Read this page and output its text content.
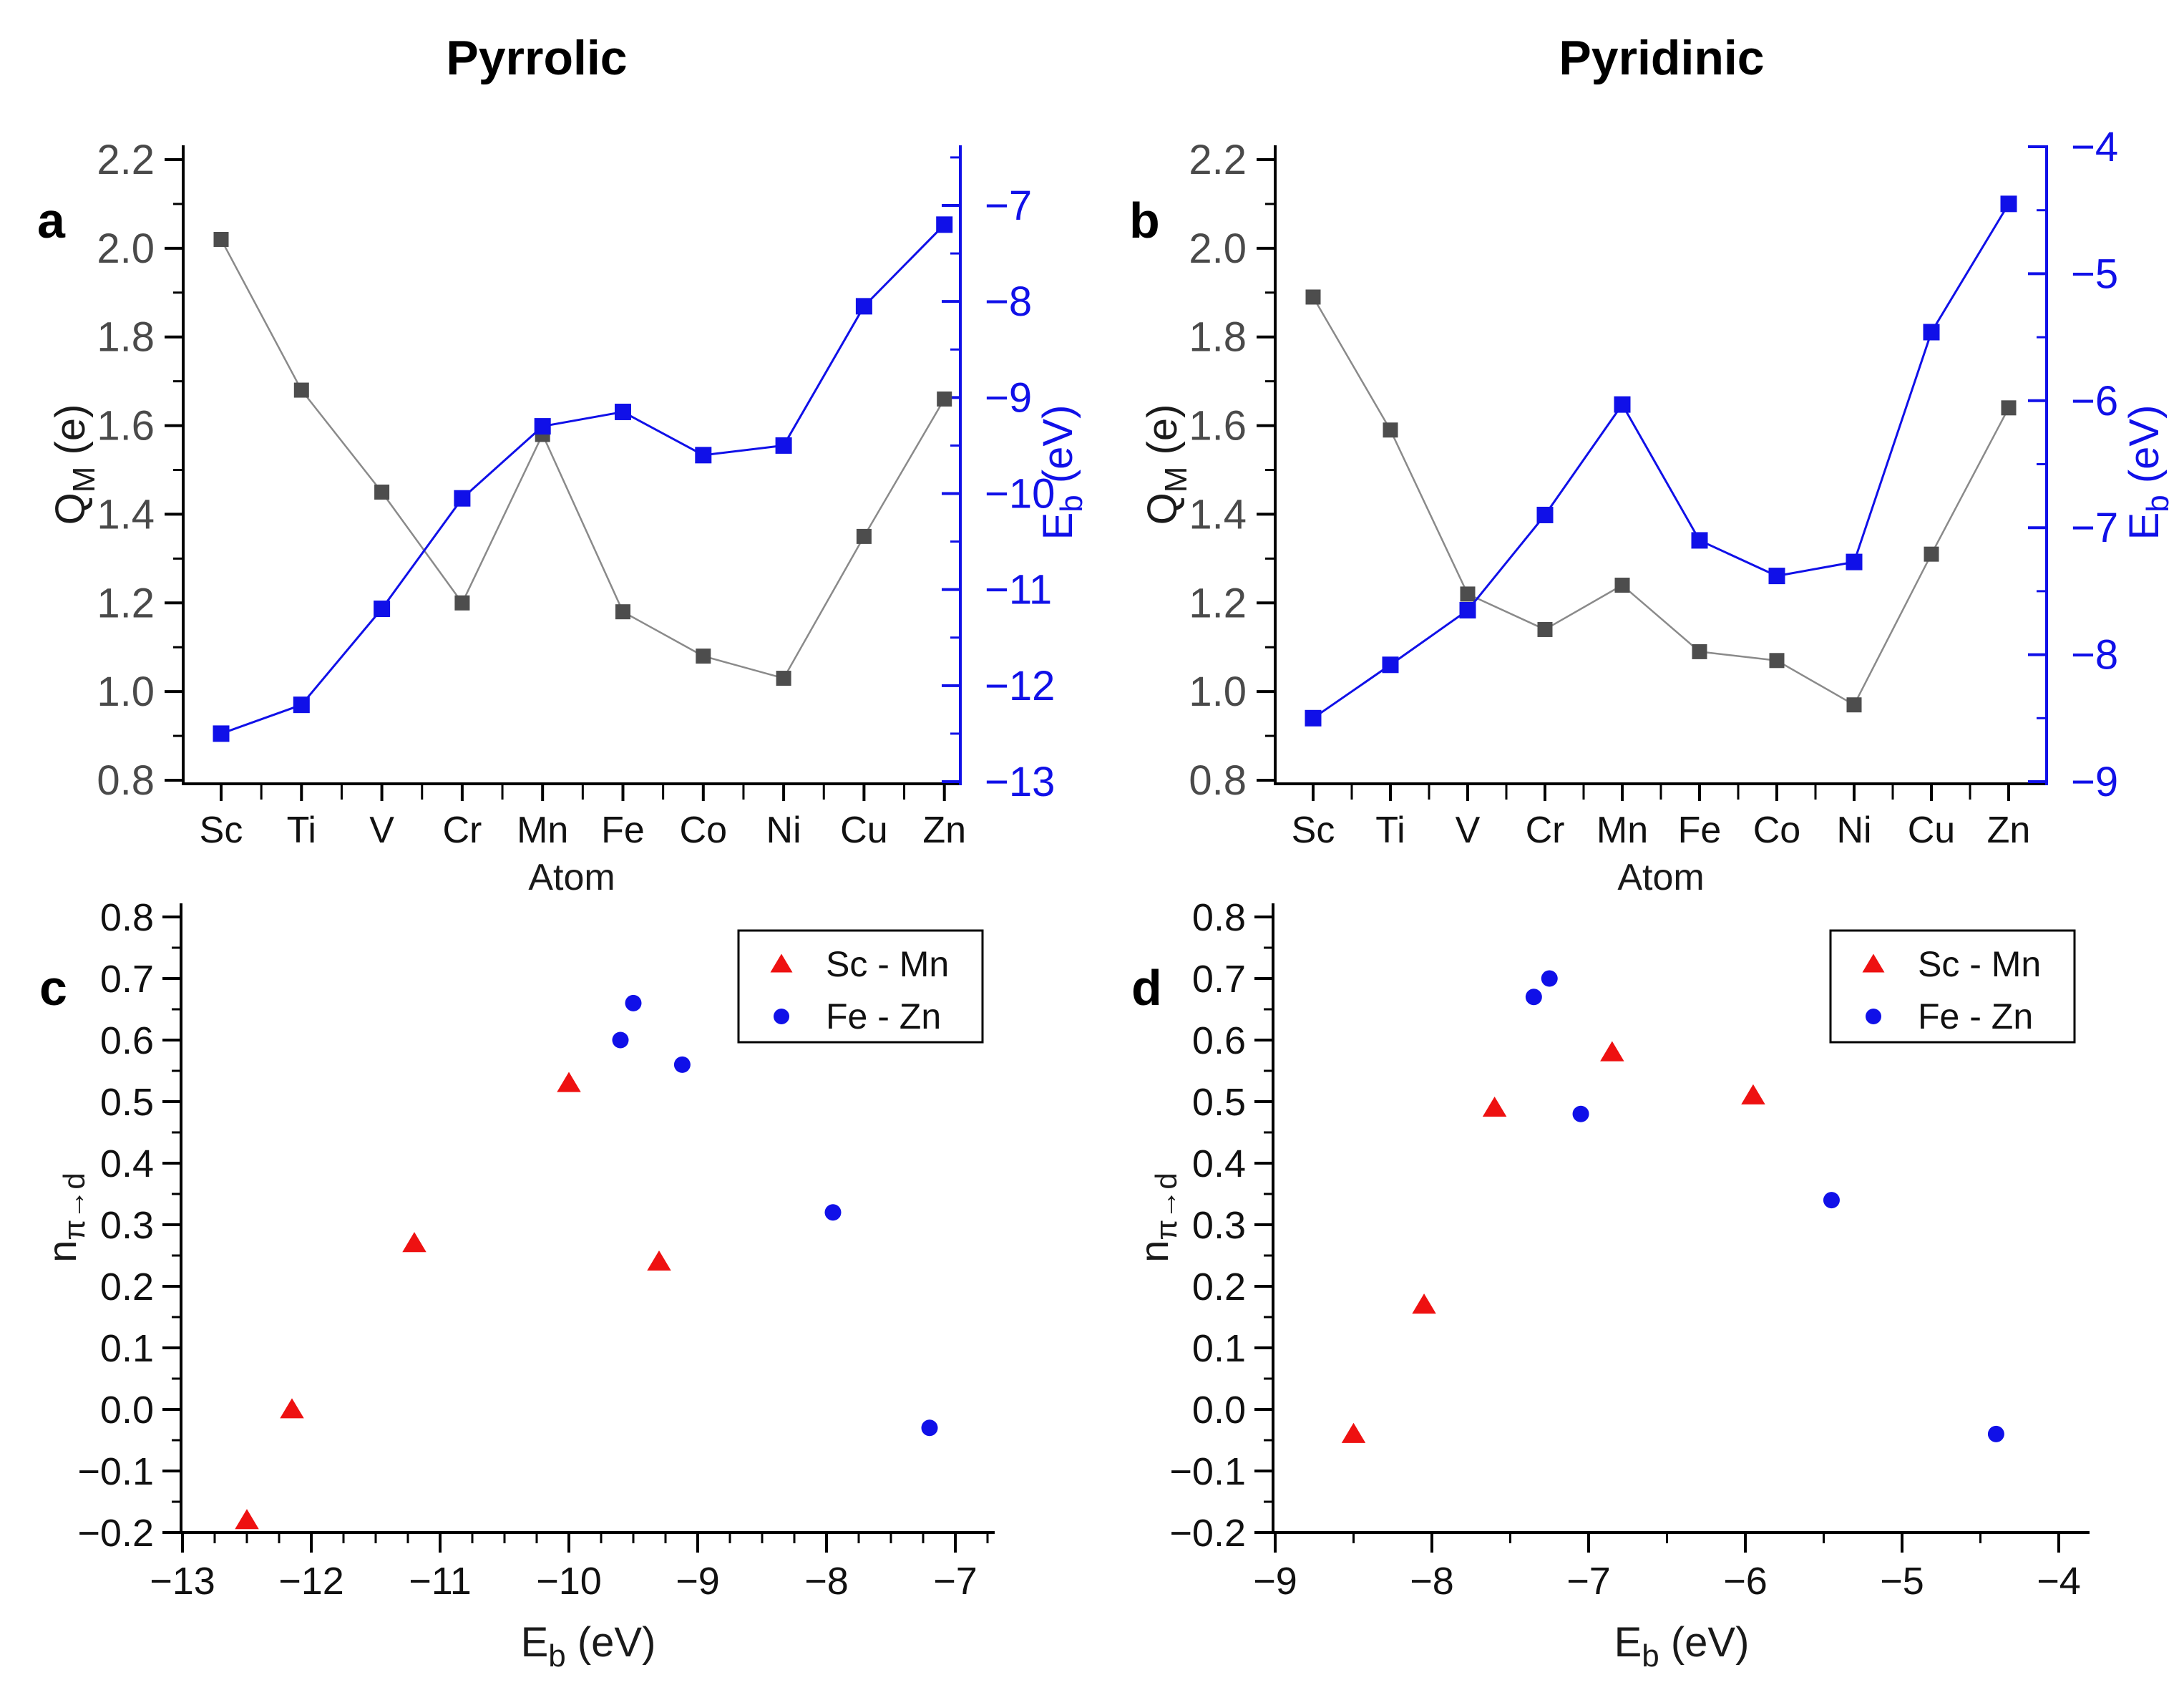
0.8
1.0
1.2
1.4
1.6
1.8
2.0
2.2
−13
−12
−11
−10
−9
−8
−7
Sc Ti V Cr Mn Fe Co Ni Cu Zn
0.8
1.0
1.2
1.4
1.6
1.8
2.0
2.2
−9
−8
−7
−6
−5
−4
Sc Ti V Cr Mn Fe Co Ni Cu Zn
−13 −12 −11 −10 −9 −8 −7
−0.2
−0.1
0.0
0.1
0.2
0.3
0.4
0.5
0.6
0.7
0.8
Sc - Mn
Fe - Zn
−9	−8	−7	−6	−5	−4
−0.2
−0.1
0.0
0.1
0.2
0.3
0.4
0.5
0.6
0.7
0.8
Sc - Mn
Fe - Zn
Pyrrolic	Pyridinic
a	b
c	d
$Q_M$ (e)
$Q_M$ (e)
$E_b$ (eV)
$E_b$ (eV)
Atom	Atom
$E_b$ (eV)	$E_b$ (eV)
$n_{\pi\to d}$
$n_{\pi\to d}$
